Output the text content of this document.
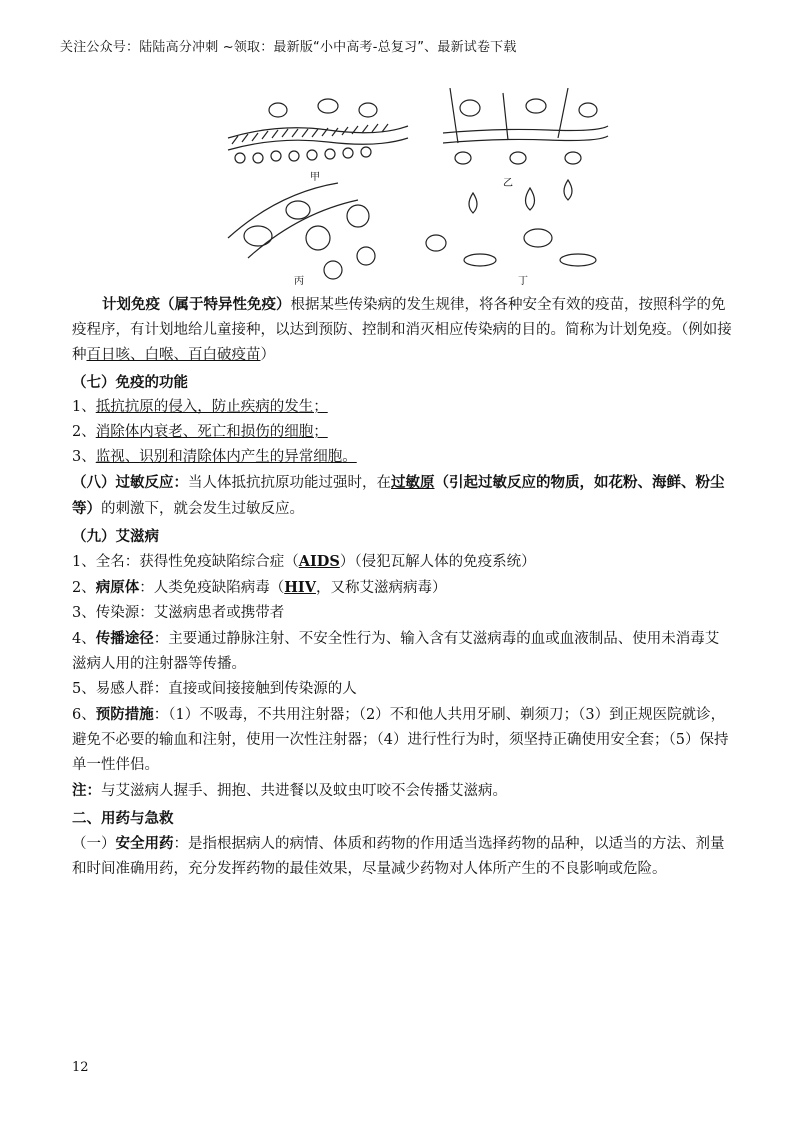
关注公众号：陆陆高分冲刺 ~领取：最新版“小中高考-总复习”、最新试卷下载
甲
乙
丙	丁

计划免疫（属于特异性免疫）根据某些传染病的发生规律，将各种安全有效的疫苗，按照科学的免疫程序，有计划地给儿童接种，以达到预防、控制和消灭相应传染病的目的。简称为计划免疫。（例如接种百日咳、白喉、百白破疫苗）

（七）免疫的功能

1、抵抗抗原的侵入，防止疾病的发生；

2、消除体内衰老、死亡和损伤的细胞；

3、监视、识别和清除体内产生的异常细胞。

（八）过敏反应：当人体抵抗抗原功能过强时，在过敏原（引起过敏反应的物质，如花粉、海鲜、粉尘等）的刺激下，就会发生过敏反应。

（九）艾滋病

1、全名：获得性免疫缺陷综合症（AIDS）（侵犯瓦解人体的免疫系统）

2、病原体：人类免疫缺陷病毒（HIV，又称艾滋病病毒）

3、传染源：艾滋病患者或携带者

4、传播途径：主要通过静脉注射、不安全性行为、输入含有艾滋病毒的血或血液制品、使用未消毒艾滋病人用的注射器等传播。

5、易感人群：直接或间接接触到传染源的人

6、预防措施：（1）不吸毒，不共用注射器；（2）不和他人共用牙刷、剃须刀；（3）到正规医院就诊，避免不必要的输血和注射，使用一次性注射器；（4）进行性行为时，须坚持正确使用安全套；（5）保持单一性伴侣。

注：与艾滋病人握手、拥抱、共进餐以及蚊虫叮咬不会传播艾滋病。

二、用药与急救

（一）安全用药：是指根据病人的病情、体质和药物的作用适当选择药物的品种，以适当的方法、剂量和时间准确用药，充分发挥药物的最佳效果，尽量减少药物对人体所产生的不良影响或危险。

12
